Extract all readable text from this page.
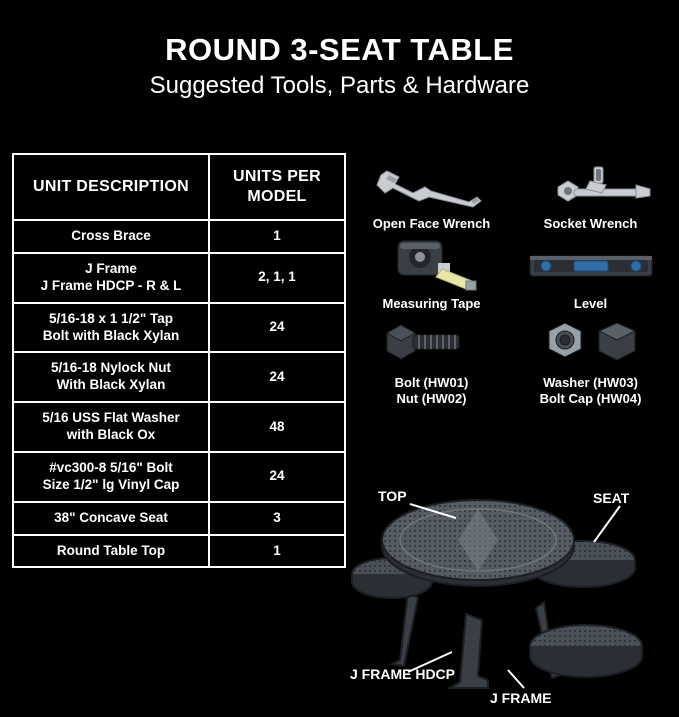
ROUND 3-SEAT TABLE
Suggested Tools, Parts & Hardware
UNIT DESCRIPTION	UNITS PER
MODEL

Cross Brace	1

J Frame
J Frame HDCP - R & L	2, 1, 1

5/16-18 x 1 1/2" Tap
Bolt with Black Xylan	24

5/16-18 Nylock Nut
With Black Xylan	24

5/16 USS Flat Washer
with Black Ox	48

#vc300-8 5/16" Bolt
Size 1/2" lg Vinyl Cap	24

38" Concave Seat	3

Round Table Top	1
Open Face Wrench	Socket Wrench
Measuring Tape	Level
Bolt (HW01)
Nut (HW02)
Washer (HW03)
Bolt Cap (HW04)
TOP	SEAT
J FRAME HDCP
J FRAME
